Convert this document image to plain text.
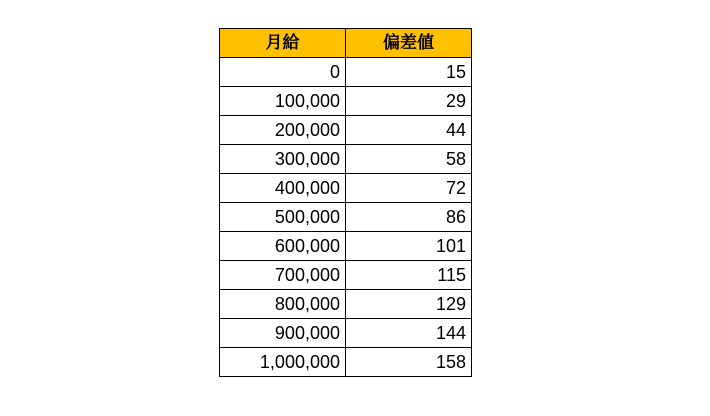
月給	偏差値
0	15
100,000	29
200,000	44
300,000	58
400,000	72
500,000	86
600,000	101
700,000	115
800,000	129
900,000	144
1,000,000	158
